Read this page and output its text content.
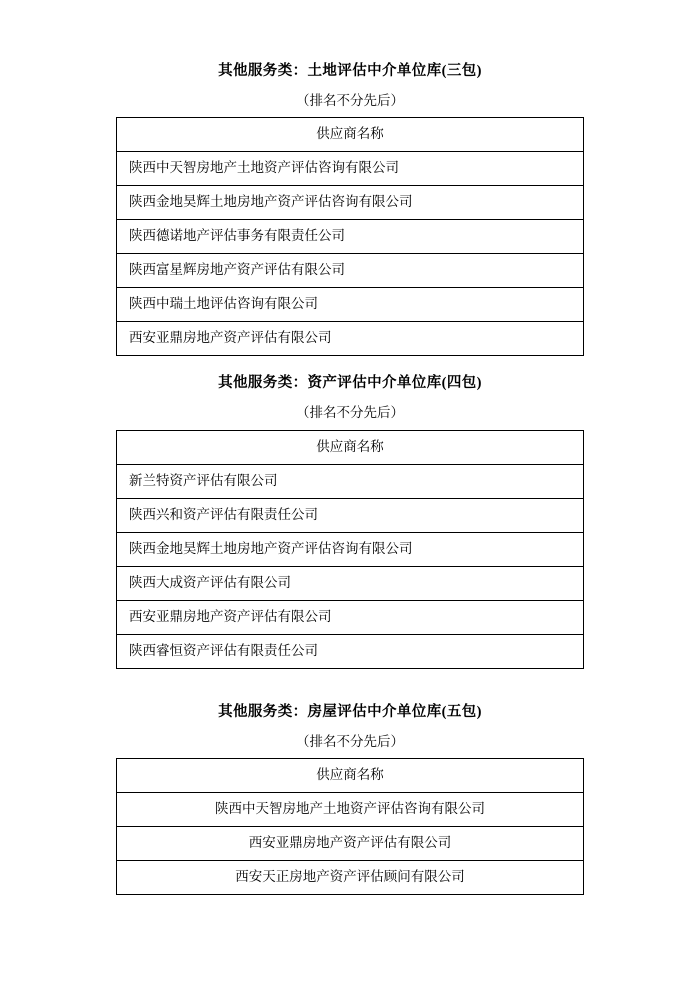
其他服务类：土地评估中介单位库(三包)

（排名不分先后）

供应商名称
陕西中天智房地产土地资产评估咨询有限公司
陕西金地昊辉土地房地产资产评估咨询有限公司
陕西德诺地产评估事务有限责任公司
陕西富星辉房地产资产评估有限公司
陕西中瑞土地评估咨询有限公司
西安亚鼎房地产资产评估有限公司
其他服务类：资产评估中介单位库(四包)

（排名不分先后）

供应商名称
新兰特资产评估有限公司
陕西兴和资产评估有限责任公司
陕西金地昊辉土地房地产资产评估咨询有限公司
陕西大成资产评估有限公司
西安亚鼎房地产资产评估有限公司
陕西睿恒资产评估有限责任公司
其他服务类：房屋评估中介单位库(五包)

（排名不分先后）

供应商名称
陕西中天智房地产土地资产评估咨询有限公司
西安亚鼎房地产资产评估有限公司
西安天正房地产资产评估顾问有限公司
